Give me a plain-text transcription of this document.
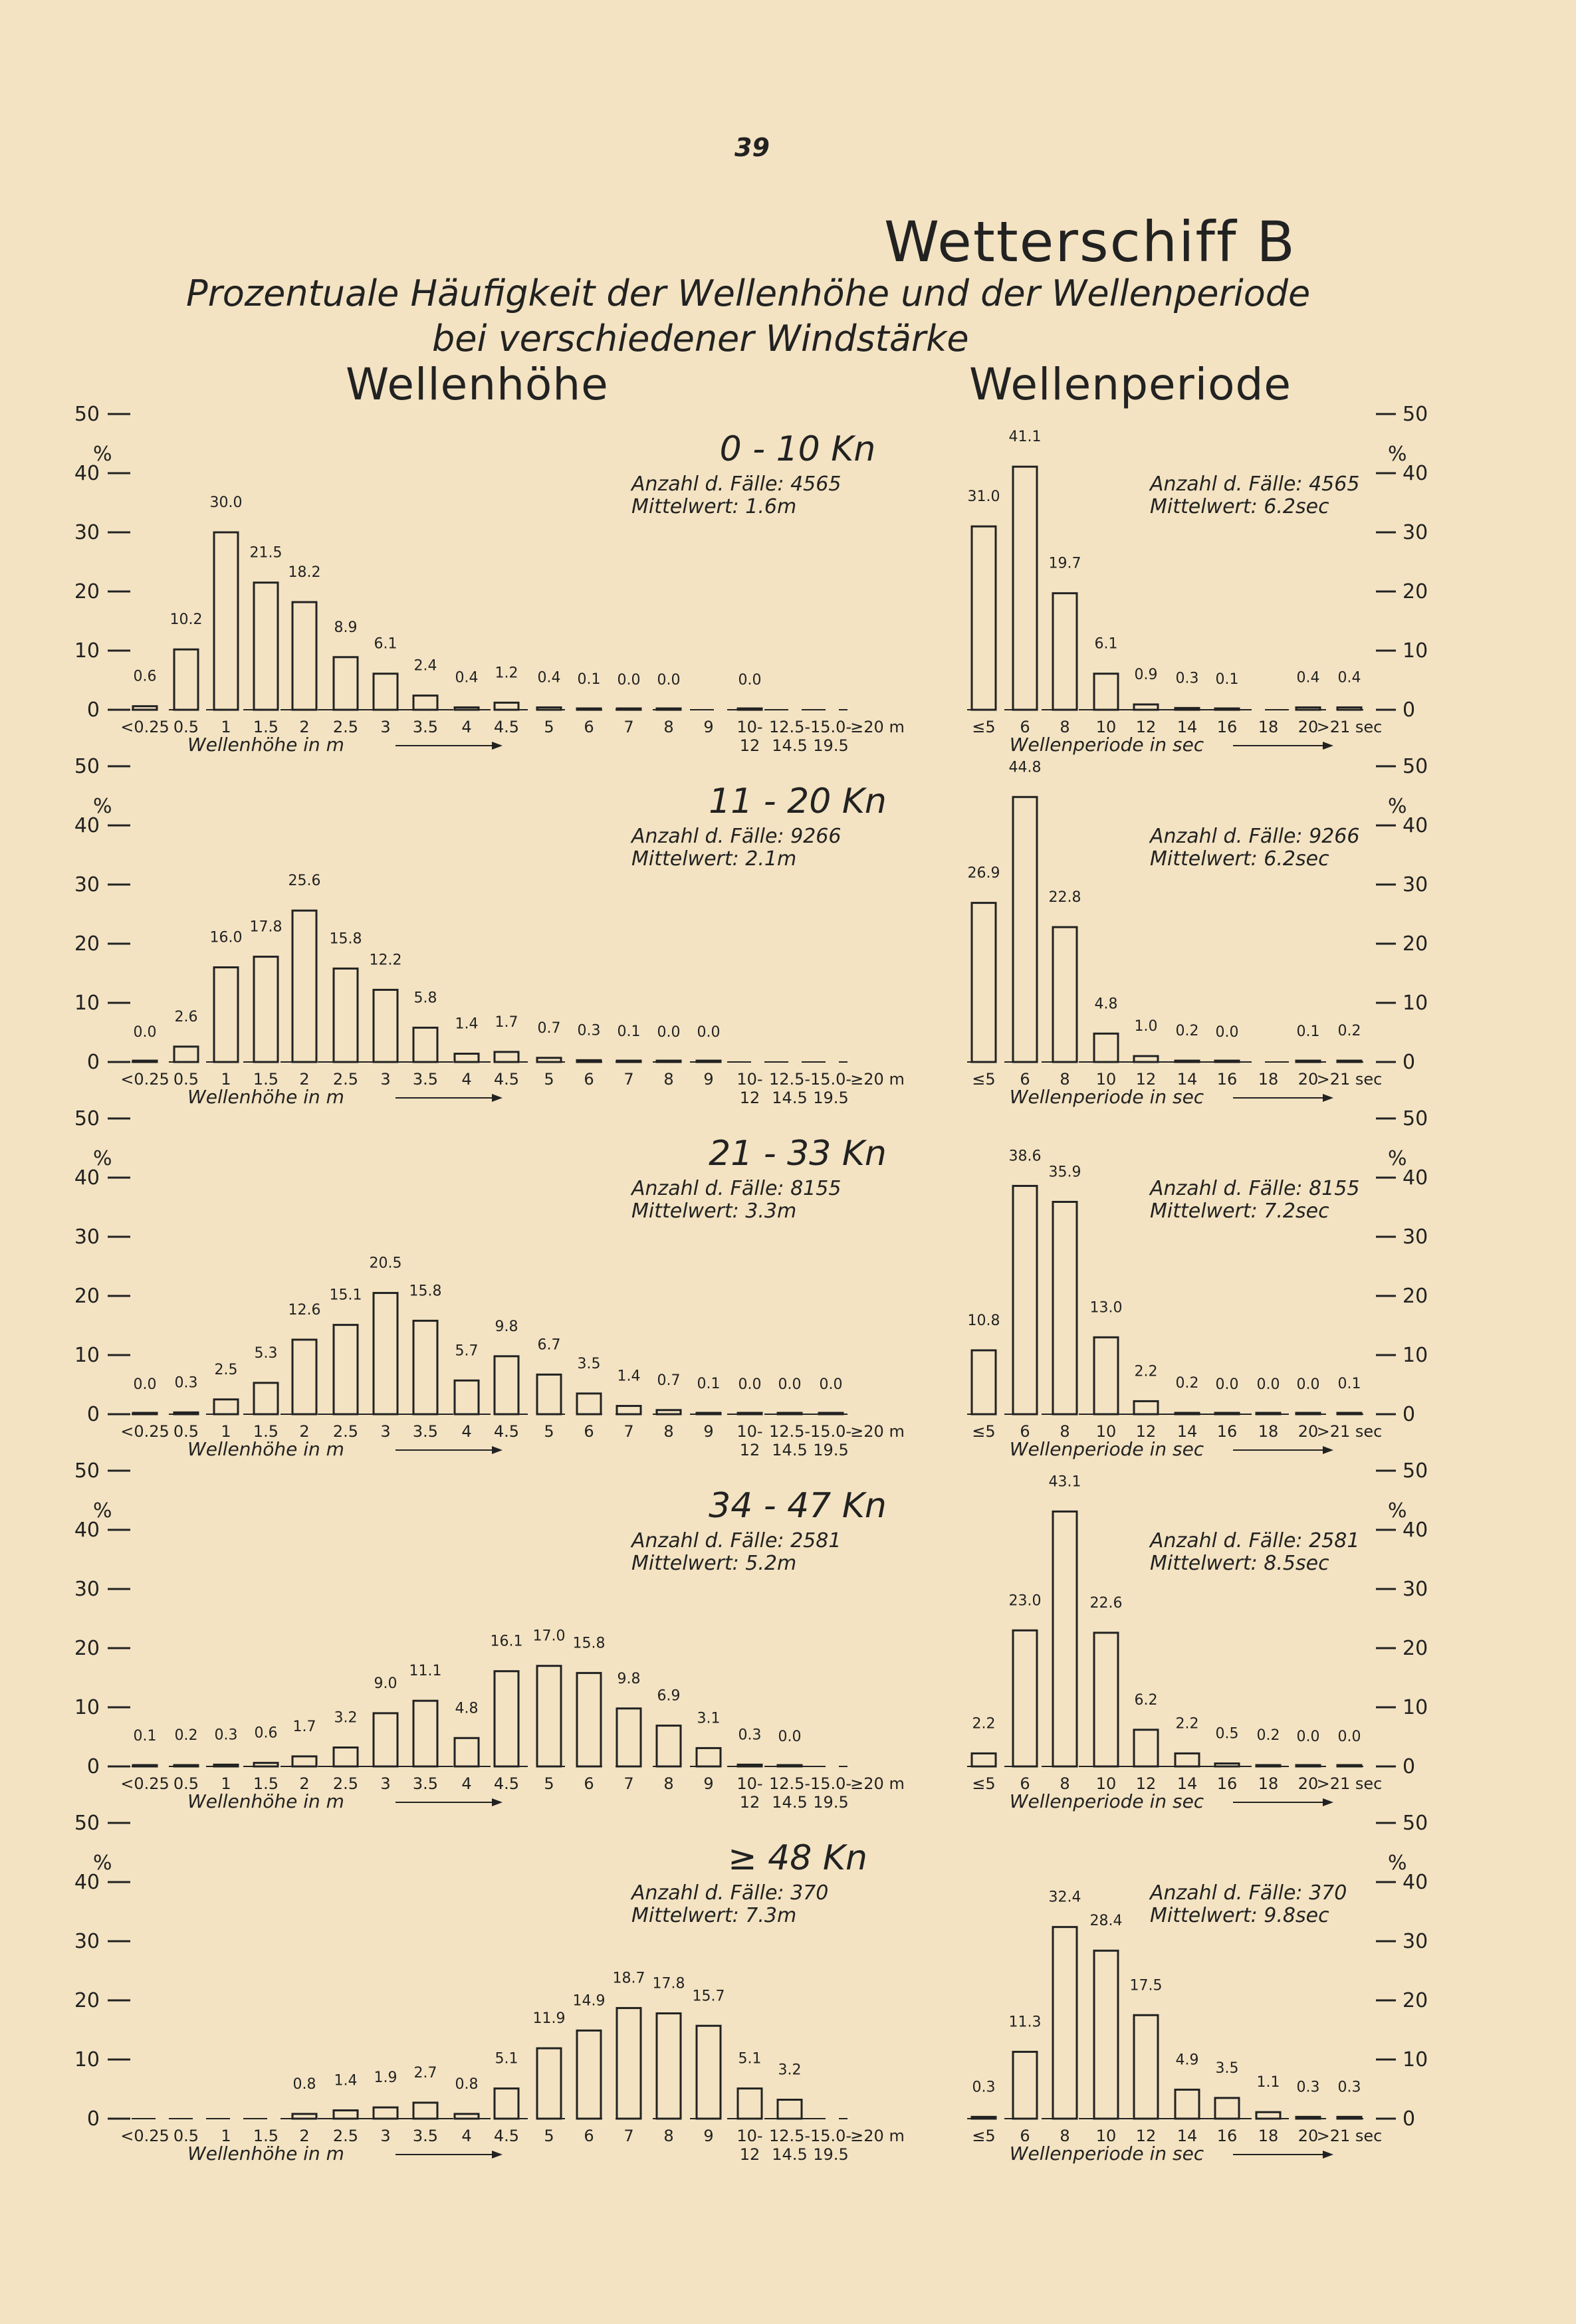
39
Wetterschiff B
Prozentuale Häufigkeit der Wellenhöhe und der Wellenperiode
bei verschiedener Windstärke
Wellenhöhe	Wellenperiode
0
10
20
30
40
50
%
0
10
20
30
40
50
%
0 - 10 Kn
Anzahl d. Fälle: 4565
Mittelwert: 1.6m
Anzahl d. Fälle: 4565
Mittelwert: 6.2sec
0.6
10.2
30.0
21.5
18.2
8.9
6.1
2.4
0.4 1.2 0.4 0.1 0.0 0.0	0.0
31.0
41.1
19.7
6.1
0.9 0.3 0.1	0.4 0.4
<0.25 0.5 1 1.5 2 2.5 3 3.5 4 4.5 5 6 7 8 9 10- 12.5- 15.0-
≥20 m
12 14.5 19.5
≤5 6 8 10 12 14 16 18 20
>21 sec
Wellenhöhe in m	Wellenperiode in sec
0
10
20
30
40
50
%
0
10
20
30
40
50
%
11 - 20 Kn
Anzahl d. Fälle: 9266
Mittelwert: 2.1m
Anzahl d. Fälle: 9266
Mittelwert: 6.2sec
0.0
2.6
16.0
17.8
25.6
15.8
12.2
5.8
1.4 1.7 0.7 0.3 0.1 0.0 0.0
26.9
44.8
22.8
4.8
1.0 0.2 0.0	0.1 0.2
<0.25 0.5 1 1.5 2 2.5 3 3.5 4 4.5 5 6 7 8 9 10- 12.5- 15.0-
≥20 m
12 14.5 19.5
≤5 6 8 10 12 14 16 18 20
>21 sec
Wellenhöhe in m	Wellenperiode in sec
0
10
20
30
40
50
%
0
10
20
30
40
50
%
21 - 33 Kn
Anzahl d. Fälle: 8155
Mittelwert: 3.3m
Anzahl d. Fälle: 8155
Mittelwert: 7.2sec
0.0 0.3
2.5
5.3
12.6
15.1
20.5
15.8
5.7
9.8
6.7
3.5
1.4 0.7 0.1 0.0 0.0 0.0
10.8
38.6
35.9
13.0
2.2
0.2 0.0 0.0 0.0 0.1
<0.25 0.5 1 1.5 2 2.5 3 3.5 4 4.5 5 6 7 8 9 10- 12.5- 15.0-
≥20 m
12 14.5 19.5
≤5 6 8 10 12 14 16 18 20
>21 sec
Wellenhöhe in m	Wellenperiode in sec
0
10
20
30
40
50
%
0
10
20
30
40
50
%
34 - 47 Kn
Anzahl d. Fälle: 2581
Mittelwert: 5.2m
Anzahl d. Fälle: 2581
Mittelwert: 8.5sec
0.1 0.2 0.3 0.6 1.7
3.2
9.0
11.1
4.8
16.1 17.0 15.8
9.8
6.9
3.1
0.3 0.0
2.2
23.0
43.1
22.6
6.2
2.2
0.5 0.2 0.0 0.0
<0.25 0.5 1 1.5 2 2.5 3 3.5 4 4.5 5 6 7 8 9 10- 12.5- 15.0-
≥20 m
12 14.5 19.5
≤5 6 8 10 12 14 16 18 20
>21 sec
Wellenhöhe in m	Wellenperiode in sec
0
10
20
30
40
50
%
0
10
20
30
40
50
%
≥ 48 Kn
Anzahl d. Fälle: 370
Mittelwert: 7.3m
Anzahl d. Fälle: 370
Mittelwert: 9.8sec
0.8 1.4 1.9 2.7
0.8
5.1
11.9
14.9
18.7 17.8
15.7
5.1
3.2
0.3
11.3
32.4
28.4
17.5
4.9 3.5
1.1 0.3 0.3
<0.25 0.5 1 1.5 2 2.5 3 3.5 4 4.5 5 6 7 8 9 10- 12.5- 15.0-
≥20 m
12 14.5 19.5
≤5 6 8 10 12 14 16 18 20
>21 sec
Wellenhöhe in m	Wellenperiode in sec
